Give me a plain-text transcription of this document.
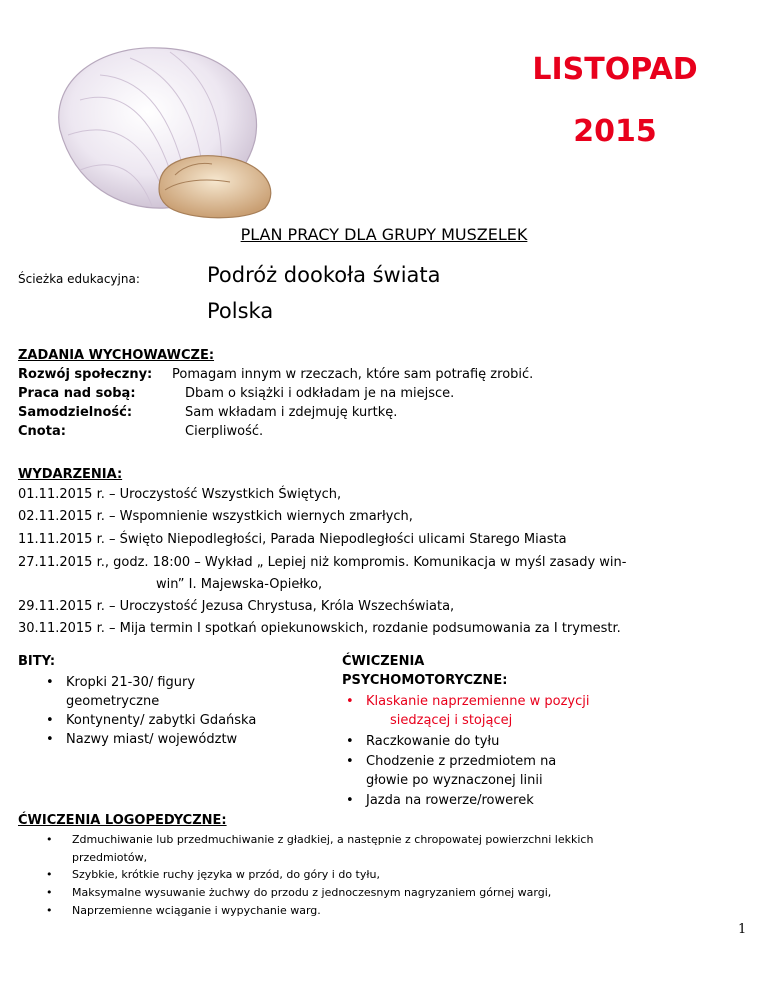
LISTOPAD
2015
PLAN PRACY DLA GRUPY MUSZELEK
Ścieżka edukacyjna:	Podróż dookoła świata
Polska
ZADANIA WYCHOWAWCZE:
Rozwój społeczny: Pomagam innym w rzeczach, które sam potrafię zrobić.
Praca nad sobą:	Dbam o książki i odkładam je na miejsce.
Samodzielność:	Sam wkładam i zdejmuję kurtkę.
Cnota:	Cierpliwość.
WYDARZENIA:
01.11.2015 r. – Uroczystość Wszystkich Świętych,
02.11.2015 r. – Wspomnienie wszystkich wiernych zmarłych,
11.11.2015 r. – Święto Niepodległości, Parada Niepodległości ulicami Starego Miasta
27.11.2015 r., godz. 18:00 – Wykład „ Lepiej niż kompromis. Komunikacja w myśl zasady win-
win” I. Majewska-Opiełko,
29.11.2015 r. – Uroczystość Jezusa Chrystusa, Króla Wszechświata,
30.11.2015 r. – Mija termin I spotkań opiekunowskich, rozdanie podsumowania za I trymestr.
BITY:
• Kropki 21-30/ figury
geometryczne
• Kontynenty/ zabytki Gdańska
• Nazwy miast/ województw
ĆWICZENIA
PSYCHOMOTORYCZNE:
• Klaskanie naprzemienne w pozycji
siedzącej i stojącej
• Raczkowanie do tyłu
• Chodzenie z przedmiotem na
głowie po wyznaczonej linii
• Jazda na rowerze/rowerek
ĆWICZENIA LOGOPEDYCZNE:
• Zdmuchiwanie lub przedmuchiwanie z gładkiej, a następnie z chropowatej powierzchni lekkich
przedmiotów,
• Szybkie, krótkie ruchy języka w przód, do góry i do tyłu,
• Maksymalne wysuwanie żuchwy do przodu z jednoczesnym nagryzaniem górnej wargi,
• Naprzemienne wciąganie i wypychanie warg.
1
